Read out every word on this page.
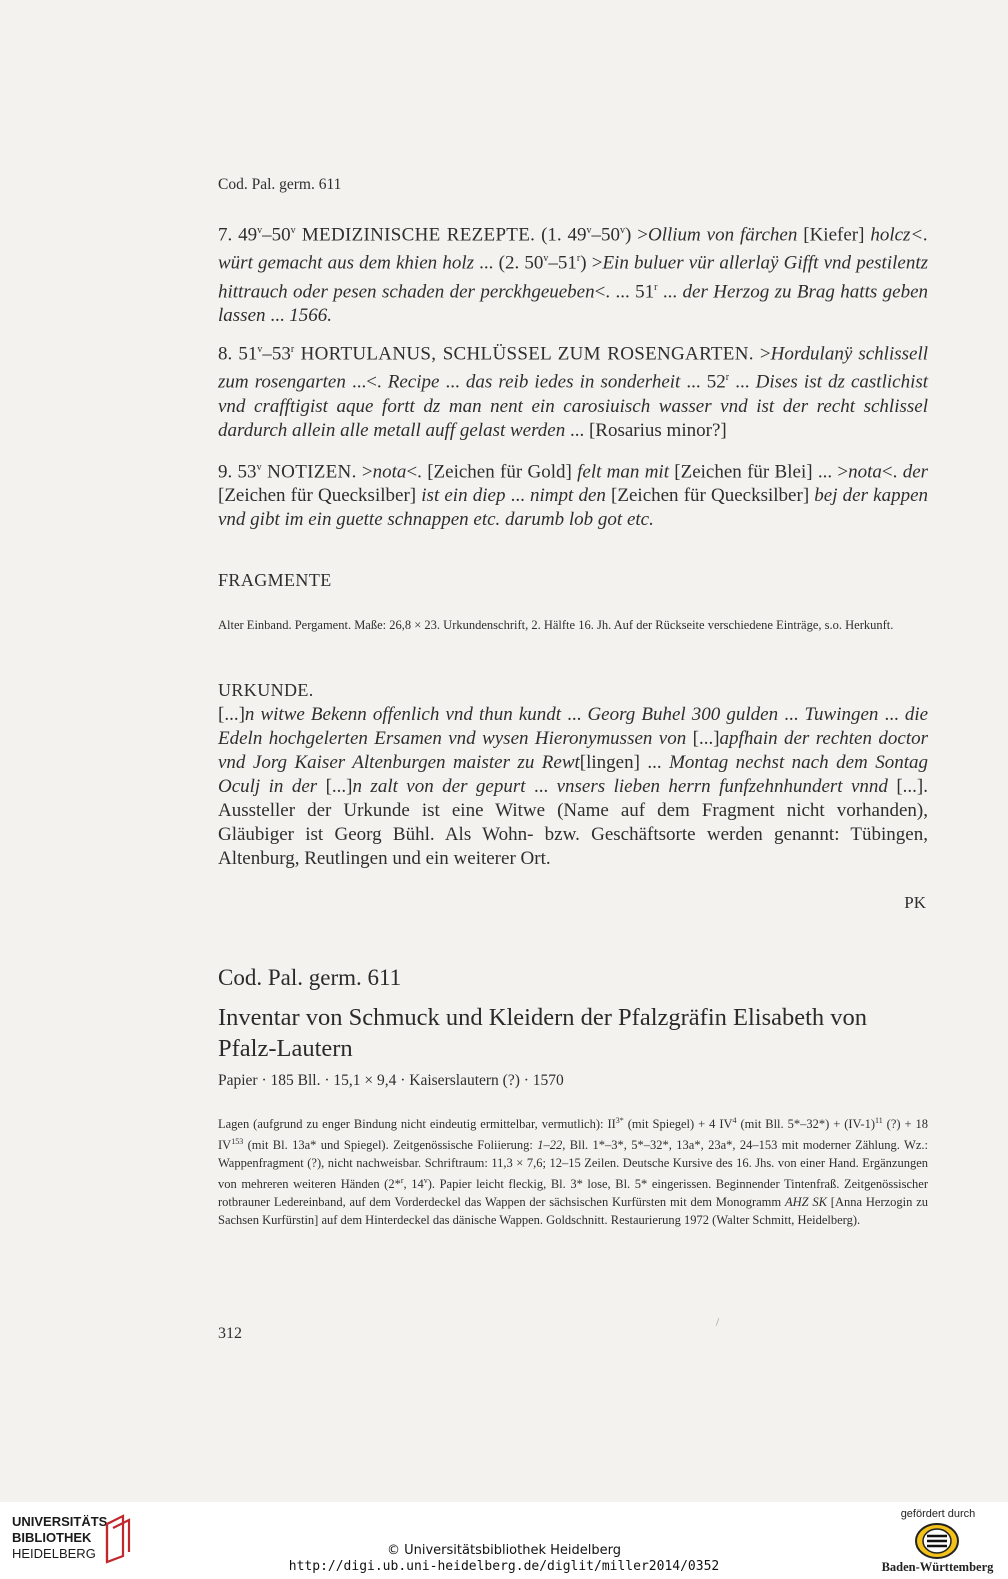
Cod. Pal. germ. 611

7. 49$^v$–50$^v$ MEDIZINISCHE REZEPTE. (1. $49^v-50^v$) >Ollium von färchen [Kiefer] holcz<. würt gemacht aus dem khien holz ... (2. $50^v-51^r) >Ein$ buluer vür allerlaÿ Gifft vnd pestilentz hittrauch oder pesen schaden der perckhgeueben<. ... 51$^r$ ... der Herzog zu Brag hatts geben lassen ... 1566.

8. 51$^v$–53$^r$ HORTULANUS, SCHLÜSSEL ZUM ROSENGARTEN. >Hordulanÿ schlissell zum rosengarten ...<. Recipe ... das reib iedes in sonderheit ... 52$^r$ ... Dises ist dz castlichist vnd crafftigist aque fortt dz man nent ein carosiuisch wasser vnd ist der recht schlissel dardurch allein alle metall auff gelast werden ... [Rosarius minor?]

9. 53$^v$ NOTIZEN. >nota<. [Zeichen für Gold] felt man mit [Zeichen für Blei] ... >nota<. der [Zeichen für Quecksilber] ist ein diep ... nimpt den [Zeichen für Quecksilber] bej der kappen vnd gibt im ein guette schnappen etc. darumb lob got etc.

FRAGMENTE

Alter Einband. Pergament. Maße: 26,8 × 23. Urkundenschrift, 2. Hälfte 16. Jh. Auf der Rückseite verschiedene Einträge, s.o. Herkunft.

URKUNDE.

[...]n witwe Bekenn offenlich vnd thun kundt ... Georg Buhel 300 gulden ... Tuwingen ... die Edeln hochgelerten Ersamen vnd wysen Hieronymussen von [...]apfhain der rechten doctor vnd Jorg Kaiser Altenburgen maister zu Rewt[lingen] ... Montag nechst nach dem Sontag Oculj in der [...]n zalt von der gepurt ... vnsers lieben herrn funfzehnhundert vnnd [...]. Aussteller der Urkunde ist eine Witwe (Name auf dem Fragment nicht vorhanden), Gläubiger ist Georg Bühl. Als Wohn- bzw. Geschäftsorte werden genannt: Tübingen, Altenburg, Reutlingen und ein weiterer Ort.

PK
Cod. Pal. germ. 611
Inventar von Schmuck und Kleidern der Pfalzgräfin Elisabeth von Pfalz-Lautern
Papier · 185 Bll. · 15,1 × 9,4 · Kaiserslautern (?) · 1570

Lagen (aufgrund zu enger Bindung nicht eindeutig ermittelbar, vermutlich): $II^{3*}$ (mit Spiegel) + 4 $IV^4$ (mit Bll. $5*-32*) + (IV-1)^{11}$ (?) + 18 IV$^{153}$ (mit Bl. 13a* und Spiegel). Zeitgenössische Foliierung: 1–22, Bll. 1*–3*, 5*–32*, 13a*, 23a*, 24–153 mit moderner Zählung. Wz.: Wappenfragment (?), nicht nachweisbar. Schriftraum: 11,3 × 7,6; 12–15 Zeilen. Deutsche Kursive des 16. Jhs. von einer Hand. Ergänzungen von mehreren weiteren Händen (2*$^r$, 14$^v$). Papier leicht fleckig, Bl. 3* lose, Bl. 5* eingerissen. Beginnender Tintenfraß. Zeitgenössischer rotbrauner Ledereinband, auf dem Vorderdeckel das Wappen der sächsischen Kurfürsten mit dem Monogramm AHZ SK [Anna Herzogin zu Sachsen Kurfürstin] auf dem Hinterdeckel das dänische Wappen. Goldschnitt. Restaurierung 1972 (Walter Schmitt, Heidelberg).

312
UNIVERSITÄTS-
BIBLIOTHEK
HEIDELBERG	© Universitätsbibliothek Heidelberg
http://digi.ub.uni-heidelberg.de/diglit/miller2014/0352
gefördert durch
Baden-Württemberg
